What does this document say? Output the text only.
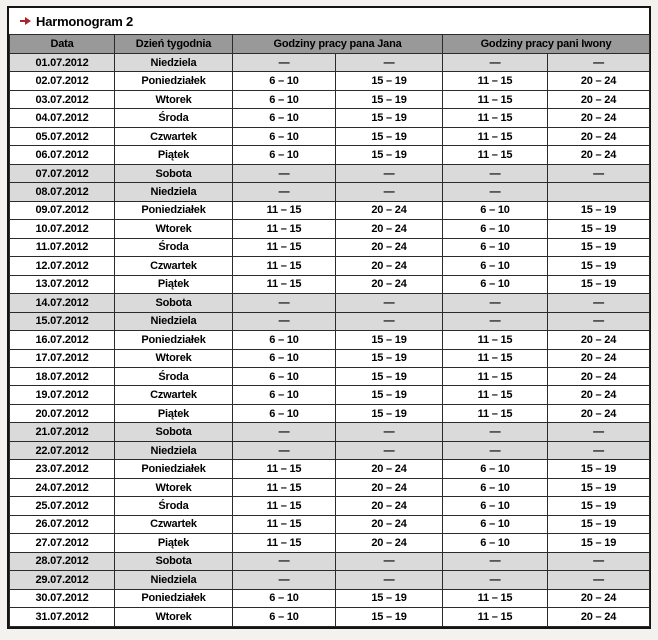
Harmonogram 2
Data	Dzień tygodnia	Godziny pracy pana Jana		Godziny pracy pani Iwony	
01.07.2012	Niedziela	—	—	—	—
02.07.2012	Poniedziałek	6 – 10	15 – 19	11 – 15	20 – 24
03.07.2012	Wtorek	6 – 10	15 – 19	11 – 15	20 – 24
04.07.2012	Środa	6 – 10	15 – 19	11 – 15	20 – 24
05.07.2012	Czwartek	6 – 10	15 – 19	11 – 15	20 – 24
06.07.2012	Piątek	6 – 10	15 – 19	11 – 15	20 – 24
07.07.2012	Sobota	—	—	—	—
08.07.2012	Niedziela	—	—	—	
09.07.2012	Poniedziałek	11 – 15	20 – 24	6 – 10	15 – 19
10.07.2012	Wtorek	11 – 15	20 – 24	6 – 10	15 – 19
11.07.2012	Środa	11 – 15	20 – 24	6 – 10	15 – 19
12.07.2012	Czwartek	11 – 15	20 – 24	6 – 10	15 – 19
13.07.2012	Piątek	11 – 15	20 – 24	6 – 10	15 – 19
14.07.2012	Sobota	—	—	—	—
15.07.2012	Niedziela	—	—	—	—
16.07.2012	Poniedziałek	6 – 10	15 – 19	11 – 15	20 – 24
17.07.2012	Wtorek	6 – 10	15 – 19	11 – 15	20 – 24
18.07.2012	Środa	6 – 10	15 – 19	11 – 15	20 – 24
19.07.2012	Czwartek	6 – 10	15 – 19	11 – 15	20 – 24
20.07.2012	Piątek	6 – 10	15 – 19	11 – 15	20 – 24
21.07.2012	Sobota	—	—	—	—
22.07.2012	Niedziela	—	—	—	—
23.07.2012	Poniedziałek	11 – 15	20 – 24	6 – 10	15 – 19
24.07.2012	Wtorek	11 – 15	20 – 24	6 – 10	15 – 19
25.07.2012	Środa	11 – 15	20 – 24	6 – 10	15 – 19
26.07.2012	Czwartek	11 – 15	20 – 24	6 – 10	15 – 19
27.07.2012	Piątek	11 – 15	20 – 24	6 – 10	15 – 19
28.07.2012	Sobota	—	—	—	—
29.07.2012	Niedziela	—	—	—	—
30.07.2012	Poniedziałek	6 – 10	15 – 19	11 – 15	20 – 24
31.07.2012	Wtorek	6 – 10	15 – 19	11 – 15	20 – 24
